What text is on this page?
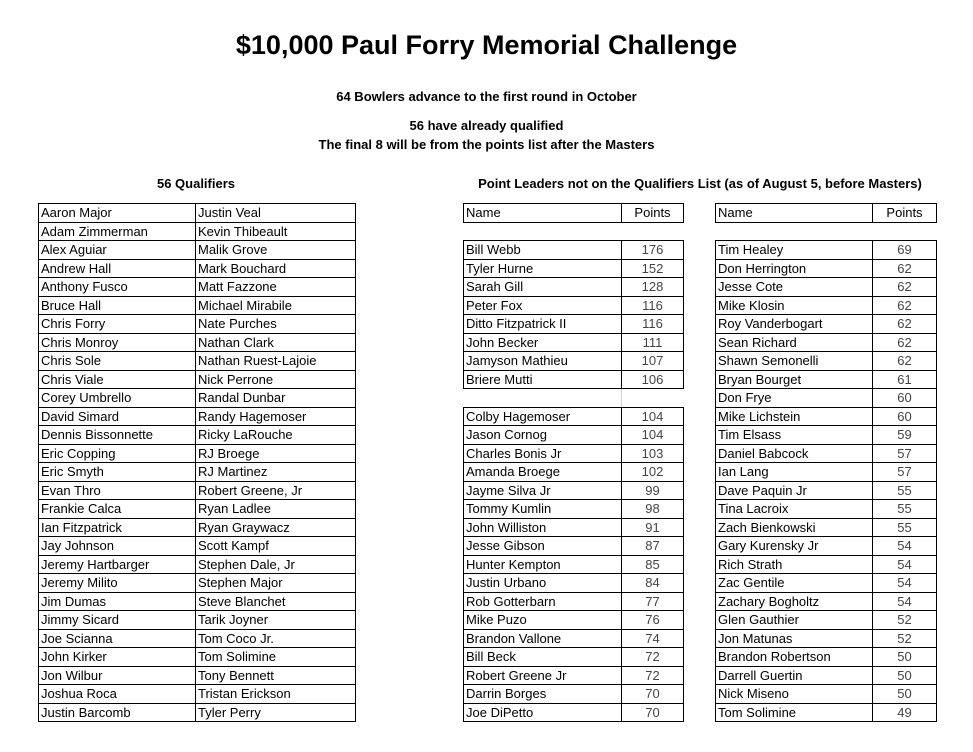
$10,000 Paul Forry Memorial Challenge
64 Bowlers advance to the first round in October
56 have already qualified
The final 8 will be from the points list after the Masters
56 Qualifiers	Point Leaders not on the Qualifiers List (as of August 5, before Masters)
Aaron Major	Justin Veal
Adam Zimmerman	Kevin Thibeault
Alex Aguiar	Malik Grove
Andrew Hall	Mark Bouchard
Anthony Fusco	Matt Fazzone
Bruce Hall	Michael Mirabile
Chris Forry	Nate Purches
Chris Monroy	Nathan Clark
Chris Sole	Nathan Ruest-Lajoie
Chris Viale	Nick Perrone
Corey Umbrello	Randal Dunbar
David Simard	Randy Hagemoser
Dennis Bissonnette	Ricky LaRouche
Eric Copping	RJ Broege
Eric Smyth	RJ Martinez
Evan Thro	Robert Greene, Jr
Frankie Calca	Ryan Ladlee
Ian Fitzpatrick	Ryan Graywacz
Jay Johnson	Scott Kampf
Jeremy Hartbarger	Stephen Dale, Jr
Jeremy Milito	Stephen Major
Jim Dumas	Steve Blanchet
Jimmy Sicard	Tarik Joyner
Joe Scianna	Tom Coco Jr.
John Kirker	Tom Solimine
Jon Wilbur	Tony Bennett
Joshua Roca	Tristan Erickson
Justin Barcomb	Tyler Perry
Name	Points

Bill Webb	176
Tyler Hurne	152
Sarah Gill	128
Peter Fox	116
Ditto Fitzpatrick II	116
John Becker	111
Jamyson Mathieu	107
Briere Mutti	106

Colby Hagemoser	104
Jason Cornog	104
Charles Bonis Jr	103
Amanda Broege	102
Jayme Silva Jr	99
Tommy Kumlin	98
John Williston	91
Jesse Gibson	87
Hunter Kempton	85
Justin Urbano	84
Rob Gotterbarn	77
Mike Puzo	76
Brandon Vallone	74
Bill Beck	72
Robert Greene Jr	72
Darrin Borges	70
Joe DiPetto	70
Name	Points

Tim Healey	69
Don Herrington	62
Jesse Cote	62
Mike Klosin	62
Roy Vanderbogart	62
Sean Richard	62
Shawn Semonelli	62
Bryan Bourget	61
Don Frye	60
Mike Lichstein	60
Tim Elsass	59
Daniel Babcock	57
Ian Lang	57
Dave Paquin Jr	55
Tina Lacroix	55
Zach Bienkowski	55
Gary Kurensky Jr	54
Rich Strath	54
Zac Gentile	54
Zachary Bogholtz	54
Glen Gauthier	52
Jon Matunas	52
Brandon Robertson	50
Darrell Guertin	50
Nick Miseno	50
Tom Solimine	49
